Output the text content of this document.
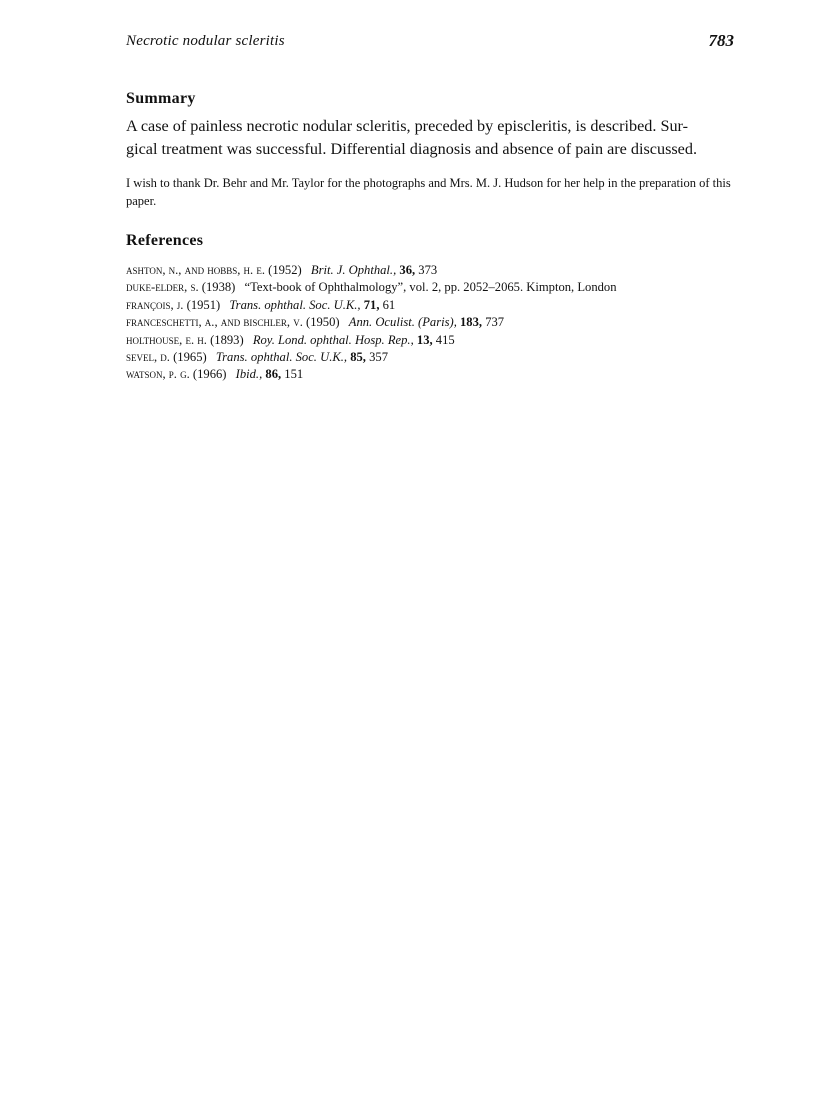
Necrotic nodular scleritis	783
Summary
A case of painless necrotic nodular scleritis, preceded by episcleritis, is described. Sur-
gical treatment was successful. Differential diagnosis and absence of pain are discussed.
I wish to thank Dr. Behr and Mr. Taylor for the photographs and Mrs. M. J. Hudson for her help in the preparation of this paper.
References
ashton, n., and hobbs, h. e. (1952) Brit. J. Ophthal., 36, 373
duke-elder, s. (1938) “Text-book of Ophthalmology”, vol. 2, pp. 2052–2065. Kimpton, London
françois, j. (1951) Trans. ophthal. Soc. U.K., 71, 61
franceschetti, a., and bischler, v. (1950) Ann. Oculist. (Paris), 183, 737
holthouse, e. h. (1893) Roy. Lond. ophthal. Hosp. Rep., 13, 415
sevel, d. (1965) Trans. ophthal. Soc. U.K., 85, 357
watson, p. g. (1966) Ibid., 86, 151
